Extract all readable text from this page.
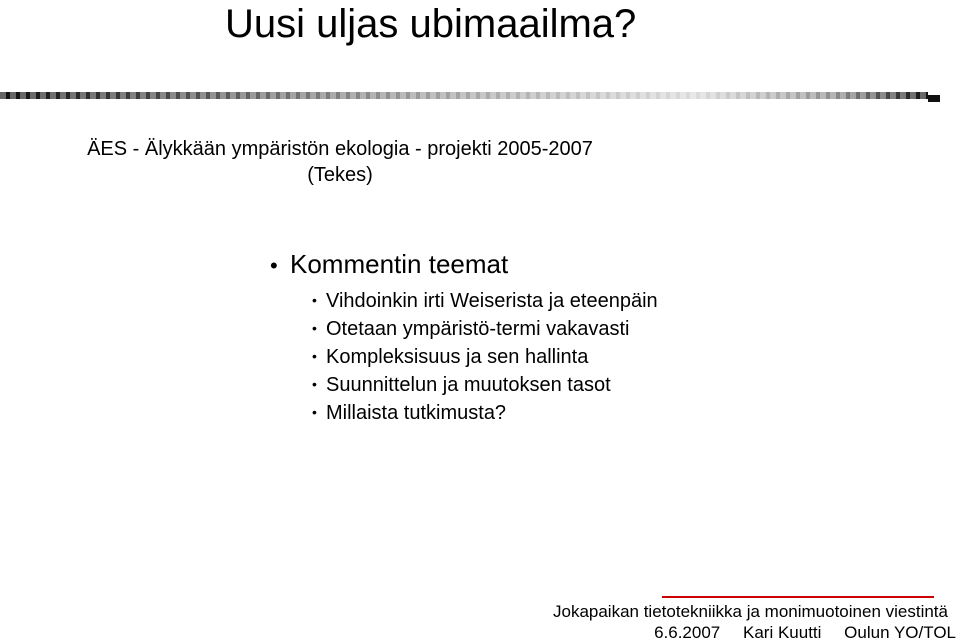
Uusi uljas ubimaailma?
ÄES - Älykkään ympäristön ekologia - projekti 2005-2007
(Tekes)
• Kommentin teemat
• Vihdoinkin irti Weiserista ja eteenpäin
• Otetaan ympäristö-termi vakavasti
• Kompleksisuus ja sen hallinta
• Suunnittelun ja muutoksen tasot
• Millaista tutkimusta?
Jokapaikan tietotekniikka ja monimuotoinen viestintä
6.6.2007 Kari Kuutti Oulun YO/TOL
